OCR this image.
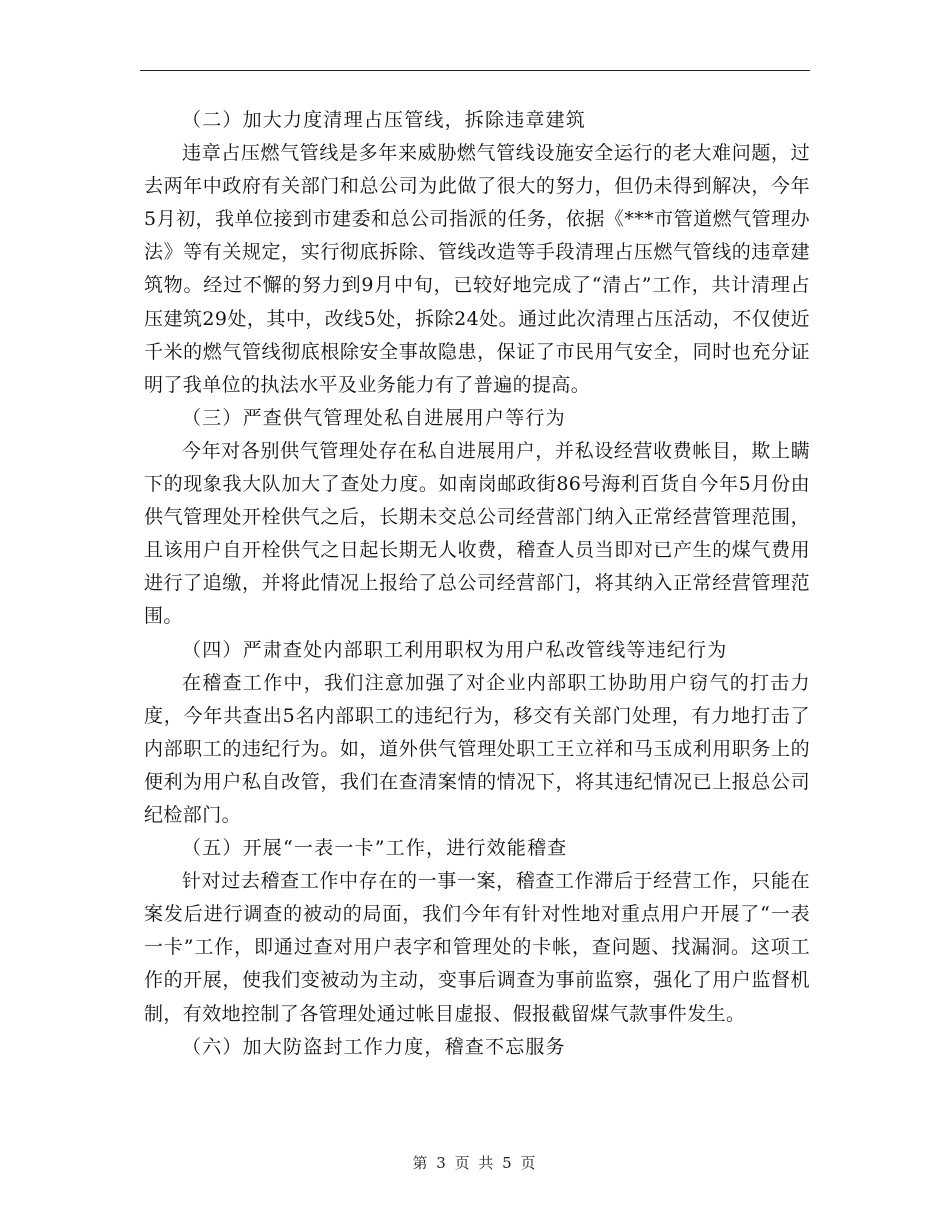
（二）加大力度清理占压管线，拆除违章建筑

违章占压燃气管线是多年来威胁燃气管线设施安全运行的老大难问题，过去两年中政府有关部门和总公司为此做了很大的努力，但仍未得到解决，今年5月初，我单位接到市建委和总公司指派的任务，依据《***市管道燃气管理办法》等有关规定，实行彻底拆除、管线改造等手段清理占压燃气管线的违章建筑物。经过不懈的努力到9月中旬，已较好地完成了“清占”工作，共计清理占压建筑29处，其中，改线5处，拆除24处。通过此次清理占压活动，不仅使近千米的燃气管线彻底根除安全事故隐患，保证了市民用气安全，同时也充分证明了我单位的执法水平及业务能力有了普遍的提高。

（三）严查供气管理处私自进展用户等行为

今年对各别供气管理处存在私自进展用户，并私设经营收费帐目，欺上瞒下的现象我大队加大了查处力度。如南岗邮政街86号海利百货自今年5月份由供气管理处开栓供气之后，长期未交总公司经营部门纳入正常经营管理范围，且该用户自开栓供气之日起长期无人收费，稽查人员当即对已产生的煤气费用进行了追缴，并将此情况上报给了总公司经营部门，将其纳入正常经营管理范围。

（四）严肃查处内部职工利用职权为用户私改管线等违纪行为

在稽查工作中，我们注意加强了对企业内部职工协助用户窃气的打击力度，今年共查出5名内部职工的违纪行为，移交有关部门处理，有力地打击了内部职工的违纪行为。如，道外供气管理处职工王立祥和马玉成利用职务上的便利为用户私自改管，我们在查清案情的情况下，将其违纪情况已上报总公司纪检部门。

（五）开展“一表一卡”工作，进行效能稽查

针对过去稽查工作中存在的一事一案，稽查工作滞后于经营工作，只能在案发后进行调查的被动的局面，我们今年有针对性地对重点用户开展了“一表一卡”工作，即通过查对用户表字和管理处的卡帐，查问题、找漏洞。这项工作的开展，使我们变被动为主动，变事后调查为事前监察，强化了用户监督机制，有效地控制了各管理处通过帐目虚报、假报截留煤气款事件发生。

（六）加大防盗封工作力度，稽查不忘服务

第 3 页 共 5 页
